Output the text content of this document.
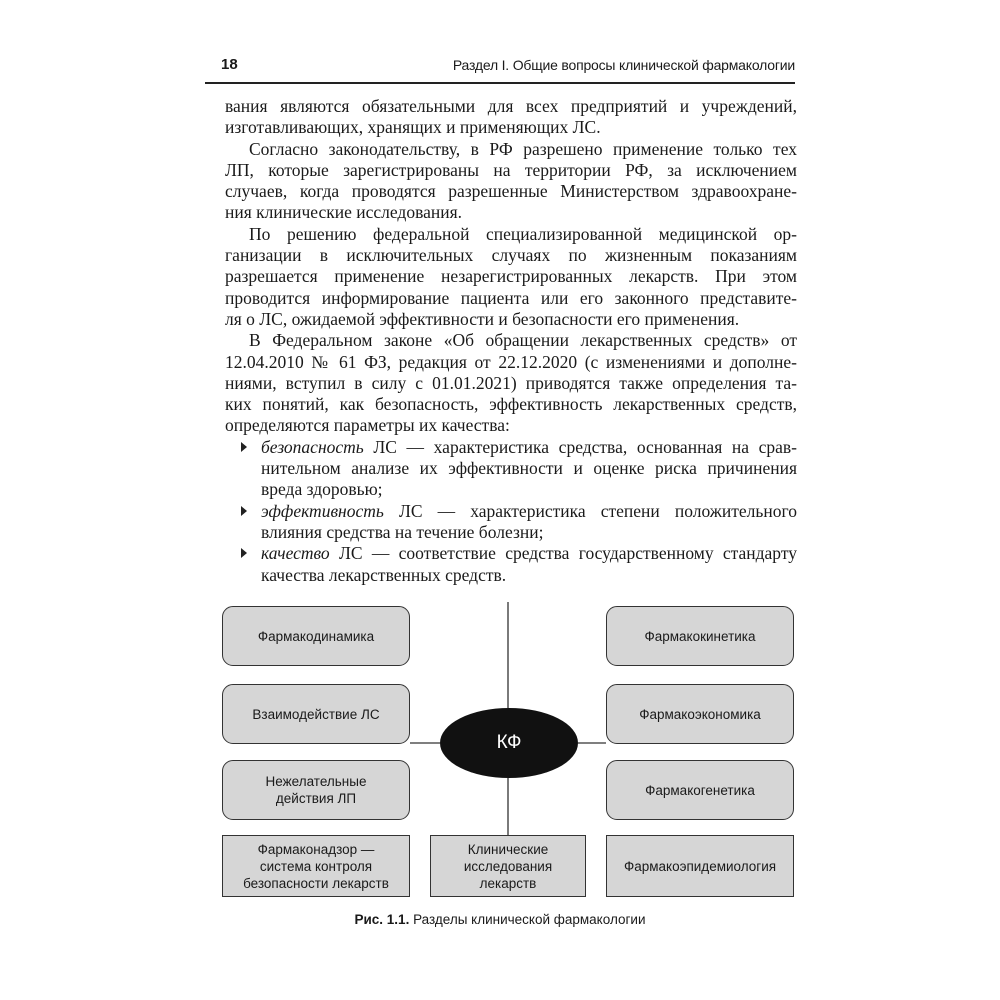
18	Раздел I. Общие вопросы клинической фармакологии

вания являются обязательными для всех предприятий и учреждений,
изготавливающих, хранящих и применяющих ЛС.

Согласно законодательству, в РФ разрешено применение только тех

ЛП, которые зарегистрированы на территории РФ, за исключением
случаев, когда проводятся разрешенные Министерством здравоохране-
ния клинические исследования.

По решению федеральной специализированной медицинской ор-

ганизации в исключительных случаях по жизненным показаниям
разрешается применение незарегистрированных лекарств. При этом
проводится информирование пациента или его законного представите-
ля о ЛС, ожидаемой эффективности и безопасности его применения.

В Федеральном законе «Об обращении лекарственных средств» от

12.04.2010 № 61 ФЗ, редакция от 22.12.2020 (с изменениями и дополне-
ниями, вступил в силу с 01.01.2021) приводятся также определения та-
ких понятий, как безопасность, эффективность лекарственных средств,
определяются параметры их качества:

безопасность ЛС — характеристика средства, основанная на срав-
нительном анализе их эффективности и оценке риска причинения
вреда здоровью;
эффективность ЛС — характеристика степени положительного
влияния средства на течение болезни;
качество ЛС — соответствие средства государственному стандарту
качества лекарственных средств.
Фармакодинамика
Взаимодействие ЛС
Нежелательные
действия ЛП
Фармакокинетика
Фармакоэкономика
Фармакогенетика
КФ
Фармаконадзор —
система контроля
безопасности лекарств
Клинические
исследования
лекарств
Фармакоэпидемиология
Рис. 1.1. Разделы клинической фармакологии
